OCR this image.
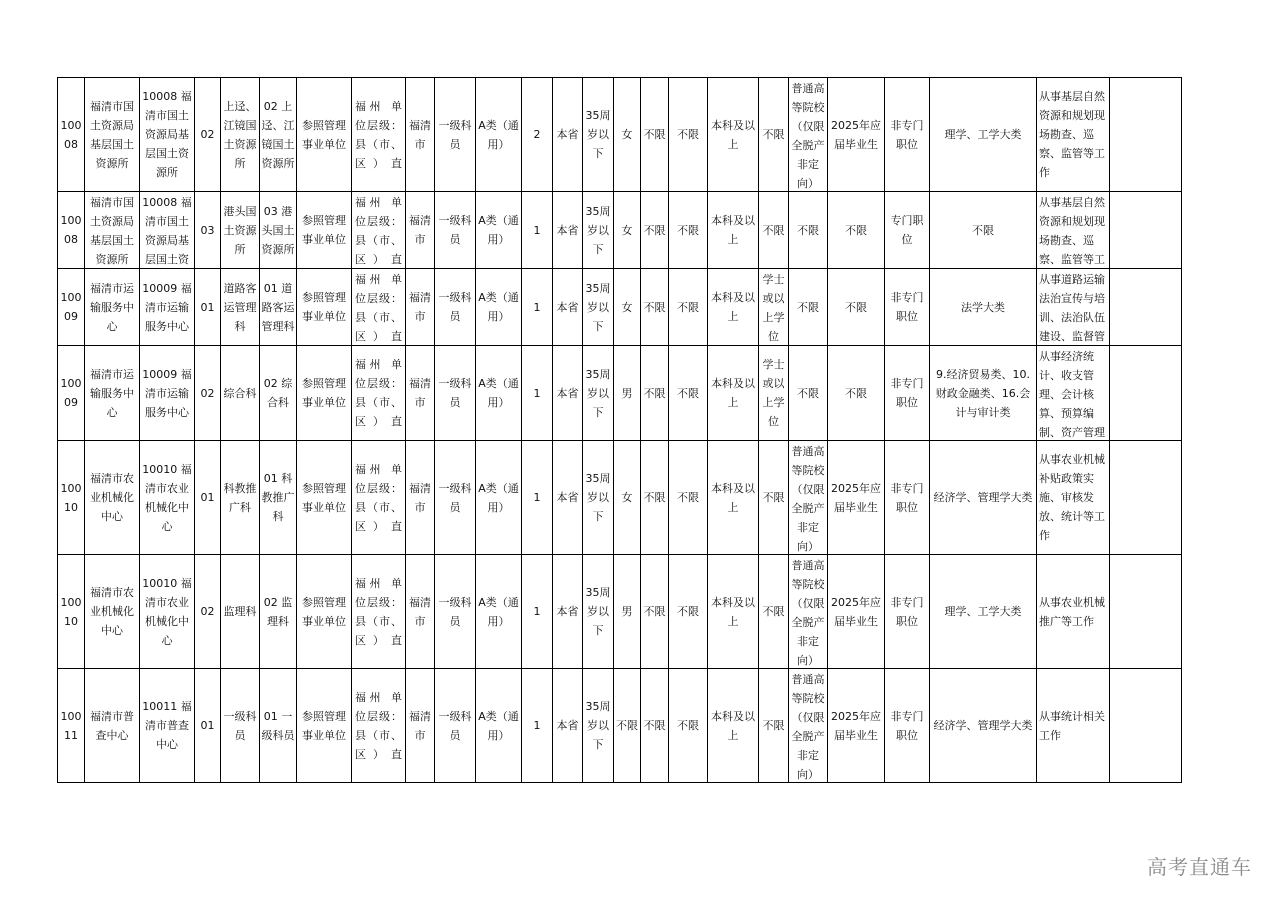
10008	福清市国土资源局基层国土资源所	10008 福清市国土资源局基层国土资源所	02	上迳、江镜国土资源所	02 上迳、江镜国土资源所	参照管理事业单位	福州 单位层级：县（市、区）直	福清市	一级科员	A类（通用）	2	本省	35周岁以下	女	不限	不限	本科及以上	不限	普通高等院校（仅限全脱产非定向）	2025年应届毕业生	非专门职位	理学、工学大类	从事基层自然资源和规划现场勘查、巡察、监管等工作	

10008	福清市国土资源局基层国土资源所	10008 福清市国土资源局基层国土资	03	港头国土资源所	03 港头国土资源所	参照管理事业单位	福州 单位层级：县（市、区）直	福清市	一级科员	A类（通用）	1	本省	35周岁以下	女	不限	不限	本科及以上	不限	不限	不限	专门职位	不限	从事基层自然资源和规划现场勘查、巡察、监管等工	

10009	福清市运输服务中心	10009 福清市运输服务中心	01	道路客运管理科	01 道路客运管理科	参照管理事业单位	福州 单位层级：县（市、区）直	福清市	一级科员	A类（通用）	1	本省	35周岁以下	女	不限	不限	本科及以上	学士或以上学位	不限	不限	非专门职位	法学大类	从事道路运输法治宣传与培训、法治队伍建设、监督管	

10009	福清市运输服务中心	10009 福清市运输服务中心	02	综合科	02 综合科	参照管理事业单位	福州 单位层级：县（市、区）直	福清市	一级科员	A类（通用）	1	本省	35周岁以下	男	不限	不限	本科及以上	学士或以上学位	不限	不限	非专门职位	9.经济贸易类、10.财政金融类、16.会计与审计类	从事经济统计、收支管理、会计核算、预算编制、资产管理	

10010	福清市农业机械化中心	10010 福清市农业机械化中心	01	科教推广科	01 科教推广科	参照管理事业单位	福州 单位层级：县（市、区）直	福清市	一级科员	A类（通用）	1	本省	35周岁以下	女	不限	不限	本科及以上	不限	普通高等院校（仅限全脱产非定向）	2025年应届毕业生	非专门职位	经济学、管理学大类	从事农业机械补贴政策实施、审核发放、统计等工作	

10010	福清市农业机械化中心	10010 福清市农业机械化中心	02	监理科	02 监理科	参照管理事业单位	福州 单位层级：县（市、区）直	福清市	一级科员	A类（通用）	1	本省	35周岁以下	男	不限	不限	本科及以上	不限	普通高等院校（仅限全脱产非定向）	2025年应届毕业生	非专门职位	理学、工学大类	从事农业机械推广等工作	

10011	福清市普查中心	10011 福清市普查中心	01	一级科员	01 一级科员	参照管理事业单位	福州 单位层级：县（市、区）直	福清市	一级科员	A类（通用）	1	本省	35周岁以下	不限	不限	不限	本科及以上	不限	普通高等院校（仅限全脱产非定向）	2025年应届毕业生	非专门职位	经济学、管理学大类	从事统计相关工作	

高考直通车
